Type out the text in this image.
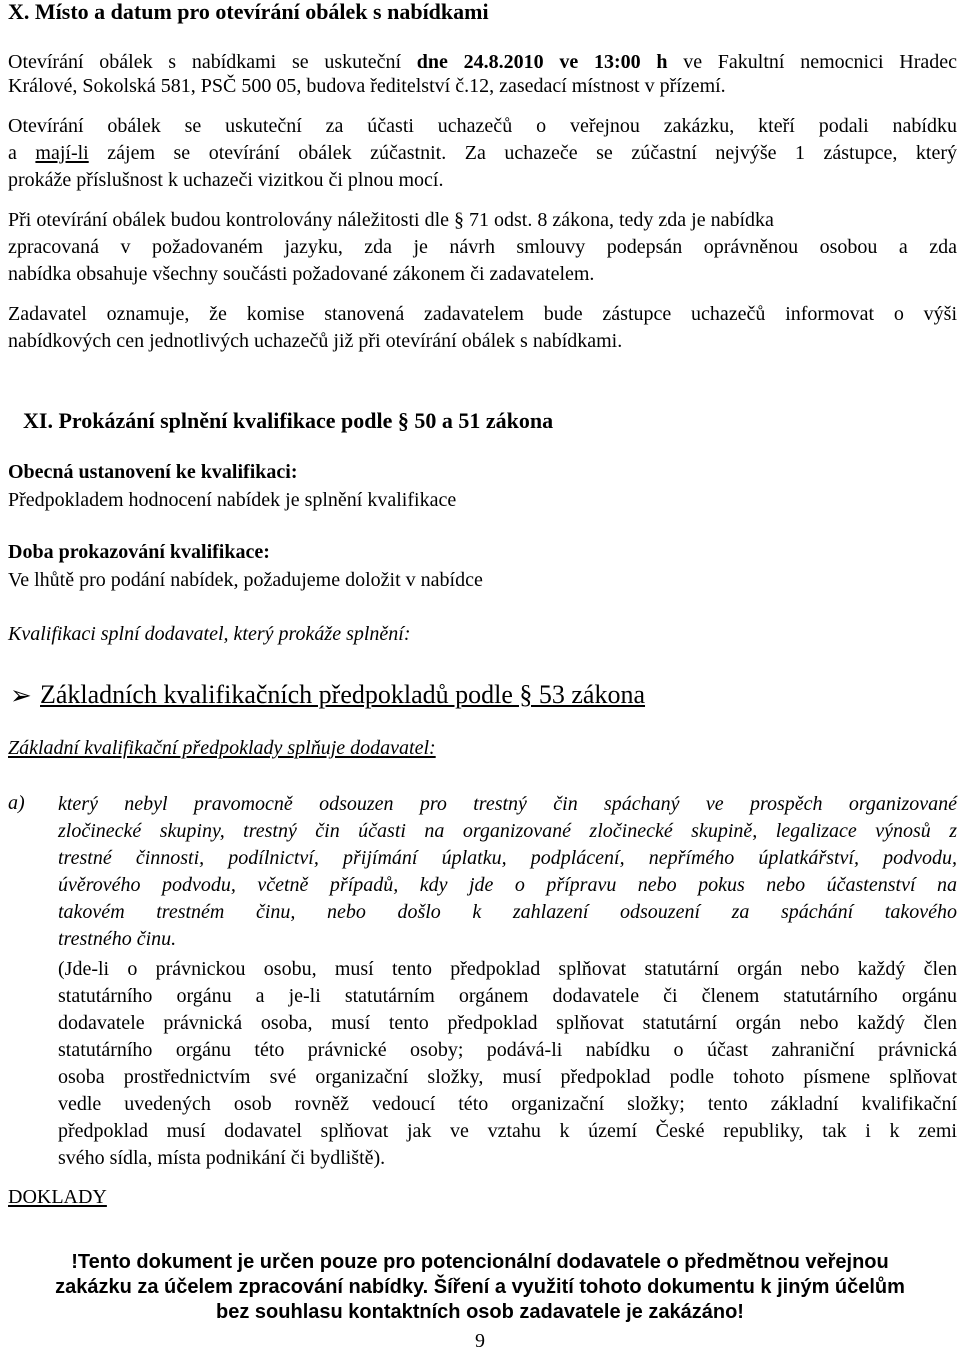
X. Místo a datum pro otevírání obálek s nabídkami
Otevírání obálek s nabídkami se uskuteční dne 24.8.2010 ve 13:00 h ve Fakultní nemocnici Hradec
Králové, Sokolská 581, PSČ 500 05, budova ředitelství č.12, zasedací místnost v přízemí.
Otevírání obálek se uskuteční za účasti uchazečů o veřejnou zakázku, kteří podali nabídku
a mají-li zájem se otevírání obálek zúčastnit. Za uchazeče se zúčastní nejvýše 1 zástupce, který
prokáže příslušnost k uchazeči vizitkou či plnou mocí.
Při otevírání obálek budou kontrolovány náležitosti dle § 71 odst. 8 zákona, tedy zda je nabídka
zpracovaná v požadovaném jazyku, zda je návrh smlouvy podepsán oprávněnou osobou a zda
nabídka obsahuje všechny součásti požadované zákonem či zadavatelem.
Zadavatel oznamuje, že komise stanovená zadavatelem bude zástupce uchazečů informovat o výši
nabídkových cen jednotlivých uchazečů již při otevírání obálek s nabídkami.
XI. Prokázání splnění kvalifikace podle § 50 a 51 zákona
Obecná ustanovení ke kvalifikaci:
Předpokladem hodnocení nabídek je splnění kvalifikace
Doba prokazování kvalifikace:
Ve lhůtě pro podání nabídek, požadujeme doložit v nabídce
Kvalifikaci splní dodavatel, který prokáže splnění:
➢ Základních kvalifikačních předpokladů podle § 53 zákona
Základní kvalifikační předpoklady splňuje dodavatel:
a) který nebyl pravomocně odsouzen pro trestný čin spáchaný ve prospěch organizované
zločinecké skupiny, trestný čin účasti na organizované zločinecké skupině, legalizace výnosů z
trestné činnosti, podílnictví, přijímání úplatku, podplácení, nepřímého úplatkářství, podvodu,
úvěrového podvodu, včetně případů, kdy jde o přípravu nebo pokus nebo účastenství na
takovém trestném činu, nebo došlo k zahlazení odsouzení za spáchání takového
trestného činu.
(Jde-li o právnickou osobu, musí tento předpoklad splňovat statutární orgán nebo každý člen
statutárního orgánu a je-li statutárním orgánem dodavatele či členem statutárního orgánu
dodavatele právnická osoba, musí tento předpoklad splňovat statutární orgán nebo každý člen
statutárního orgánu této právnické osoby; podává-li nabídku o účast zahraniční právnická
osoba prostřednictvím své organizační složky, musí předpoklad podle tohoto písmene splňovat
vedle uvedených osob rovněž vedoucí této organizační složky; tento základní kvalifikační
předpoklad musí dodavatel splňovat jak ve vztahu k území České republiky, tak i k zemi
svého sídla, místa podnikání či bydliště).
DOKLADY
!Tento dokument je určen pouze pro potencionální dodavatele o předmětnou veřejnou
zakázku za účelem zpracování nabídky. Šíření a využití tohoto dokumentu k jiným účelům
bez souhlasu kontaktních osob zadavatele je zakázáno!
9
